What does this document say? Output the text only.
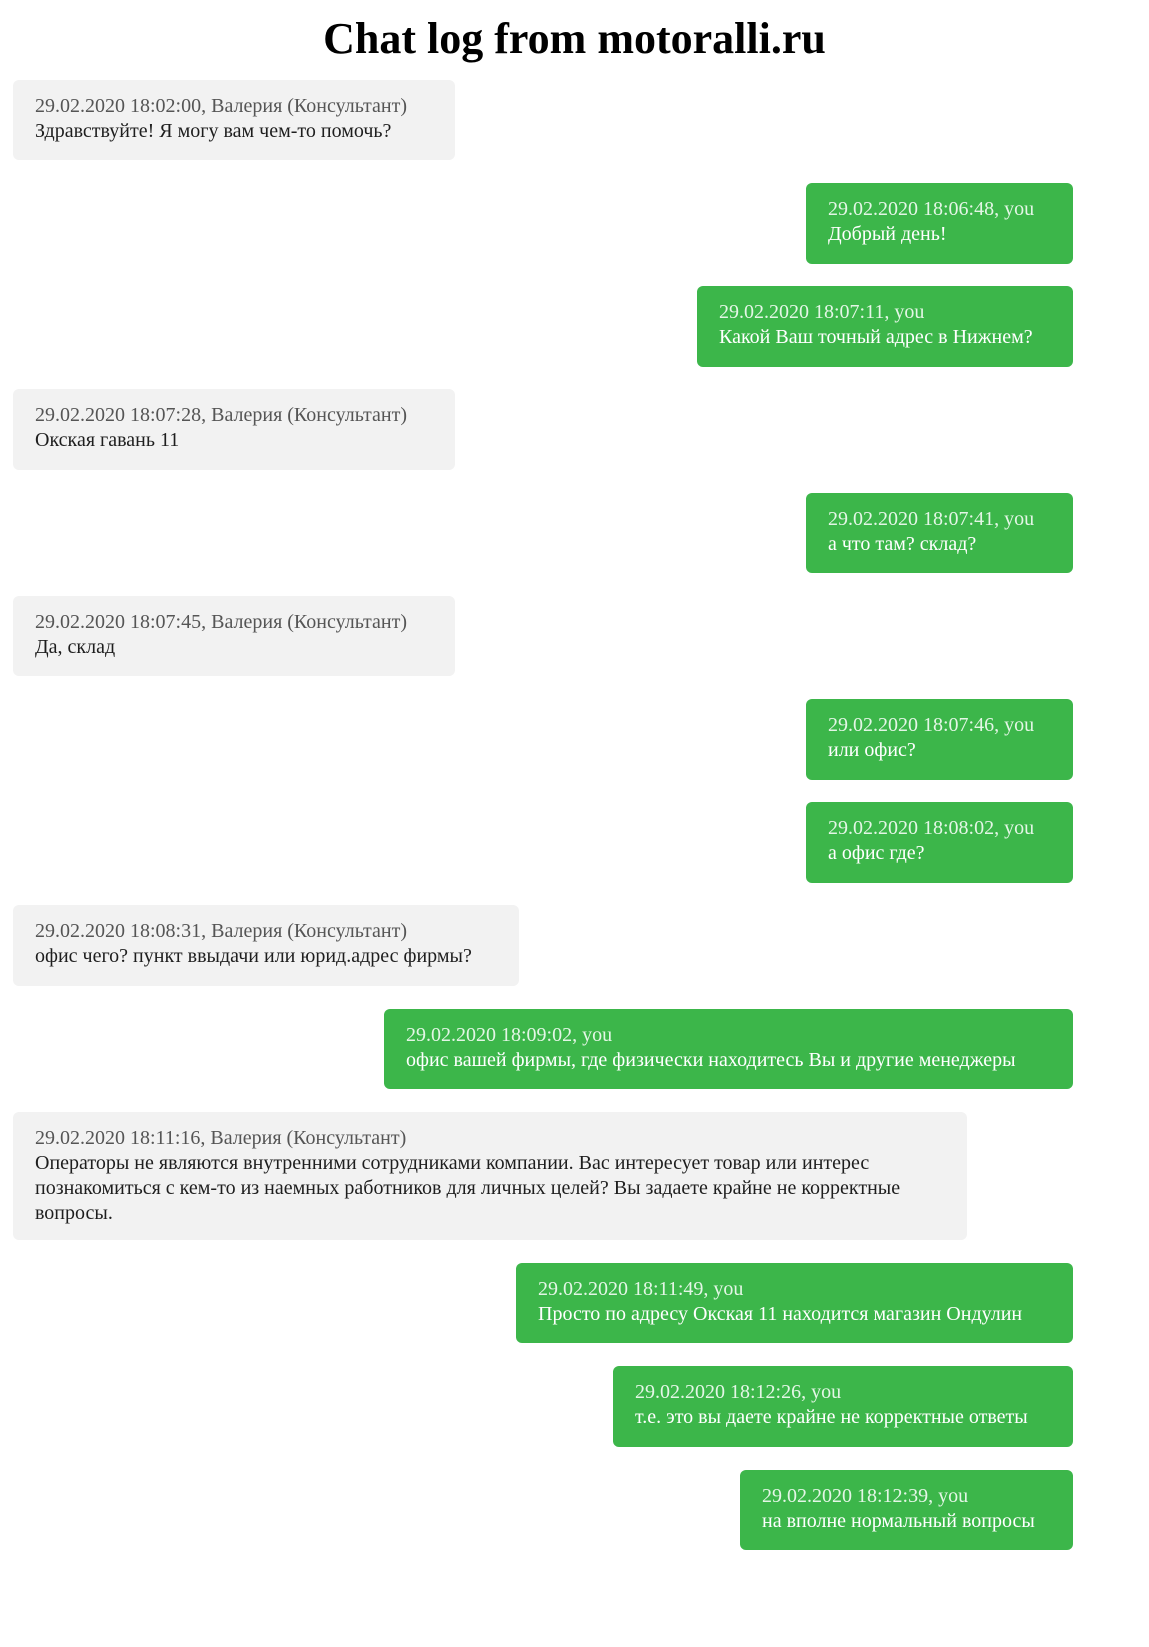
Chat log from motoralli.ru
29.02.2020 18:02:00, Валерия (Консультант)
Здравствуйте! Я могу вам чем-то помочь?
29.02.2020 18:06:48, you
Добрый день!
29.02.2020 18:07:11, you
Какой Ваш точный адрес в Нижнем?
29.02.2020 18:07:28, Валерия (Консультант)
Окская гавань 11
29.02.2020 18:07:41, you
а что там? склад?
29.02.2020 18:07:45, Валерия (Консультант)
Да, склад
29.02.2020 18:07:46, you
или офис?
29.02.2020 18:08:02, you
а офис где?
29.02.2020 18:08:31, Валерия (Консультант)
офис чего? пункт ввыдачи или юрид.адрес фирмы?
29.02.2020 18:09:02, you
офис вашей фирмы, где физически находитесь Вы и другие менеджеры
29.02.2020 18:11:16, Валерия (Консультант)
Операторы не являются внутренними сотрудниками компании. Вас интересует товар или интерес познакомиться с кем-то из наемных работников для личных целей? Вы задаете крайне не корректные вопросы.
29.02.2020 18:11:49, you
Просто по адресу Окская 11 находится магазин Ондулин
29.02.2020 18:12:26, you
т.е. это вы даете крайне не корректные ответы
29.02.2020 18:12:39, you
на вполне нормальный вопросы
